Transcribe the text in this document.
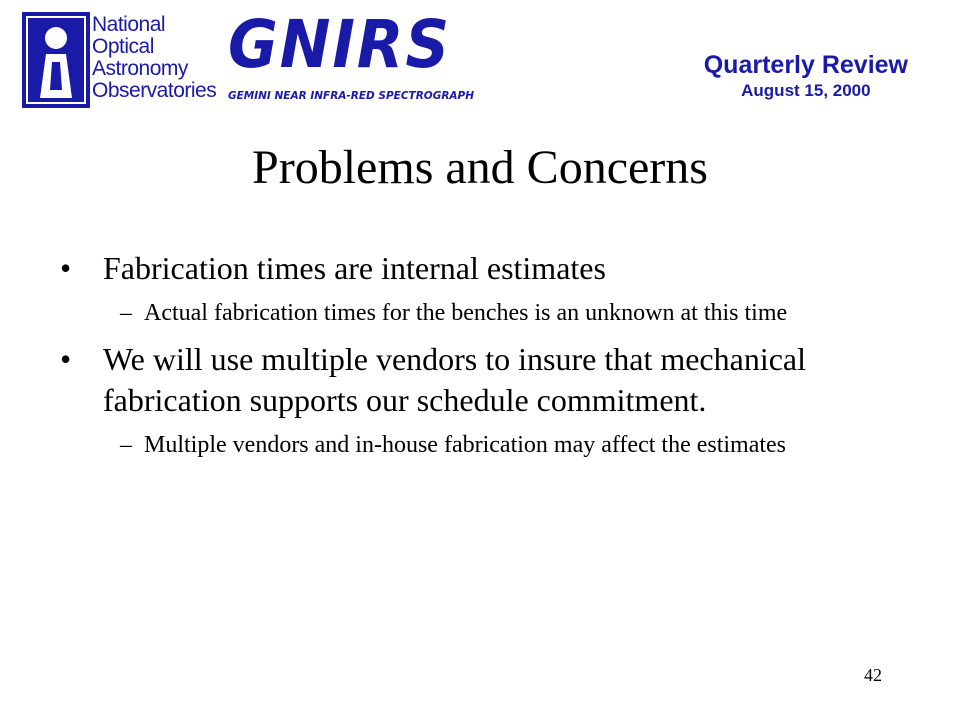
National
Optical
Astronomy
Observatories
GNIRS
GEMINI NEAR INFRA-RED SPECTROGRAPH
Quarterly Review
August 15, 2000
Problems and Concerns
• Fabrication times are internal estimates
– Actual fabrication times for the benches is an unknown at this time
• We will use multiple vendors to insure that mechanical fabrication supports our schedule commitment.
– Multiple vendors and in-house fabrication may affect the estimates
42
